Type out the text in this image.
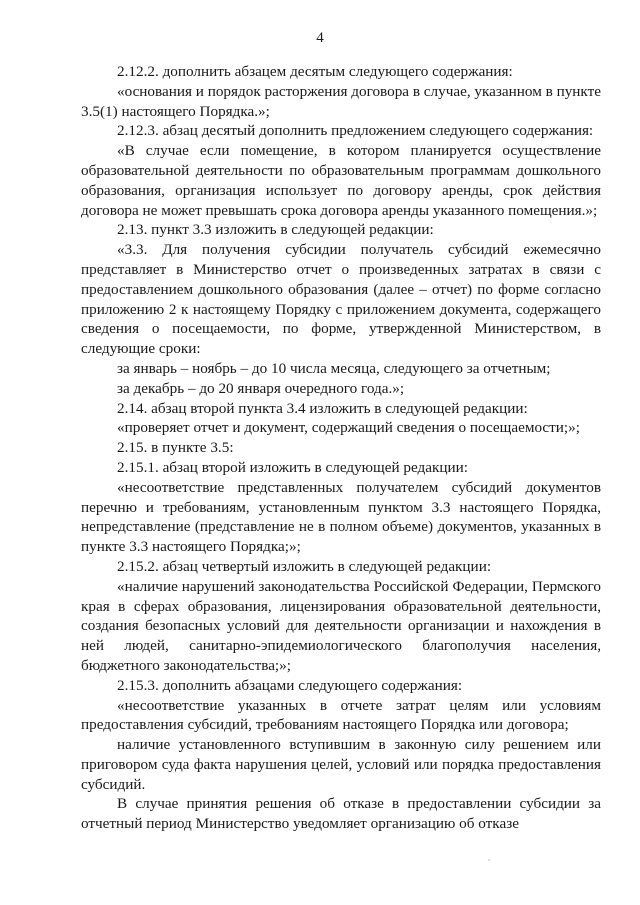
4

2.12.2. дополнить абзацем десятым следующего содержания:

«основания и порядок расторжения договора в случае, указанном в пункте 3.5(1) настоящего Порядка.»;

2.12.3. абзац десятый дополнить предложением следующего содержания:

«В случае если помещение, в котором планируется осуществление образовательной деятельности по образовательным программам дошкольного образования, организация использует по договору аренды, срок действия договора не может превышать срока договора аренды указанного помещения.»;

2.13. пункт 3.3 изложить в следующей редакции:

«3.3. Для получения субсидии получатель субсидий ежемесячно представляет в Министерство отчет о произведенных затратах в связи с предоставлением дошкольного образования (далее – отчет) по форме согласно приложению 2 к настоящему Порядку с приложением документа, содержащего сведения о посещаемости, по форме, утвержденной Министерством, в следующие сроки:

за январь – ноябрь – до 10 числа месяца, следующего за отчетным;

за декабрь – до 20 января очередного года.»;

2.14. абзац второй пункта 3.4 изложить в следующей редакции:

«проверяет отчет и документ, содержащий сведения о посещаемости;»;

2.15. в пункте 3.5:

2.15.1. абзац второй изложить в следующей редакции:

«несоответствие представленных получателем субсидий документов перечню и требованиям, установленным пунктом 3.3 настоящего Порядка, непредставление (представление не в полном объеме) документов, указанных в пункте 3.3 настоящего Порядка;»;

2.15.2. абзац четвертый изложить в следующей редакции:

«наличие нарушений законодательства Российской Федерации, Пермского края в сферах образования, лицензирования образовательной деятельности, создания безопасных условий для деятельности организации и нахождения в ней людей, санитарно-эпидемиологического благополучия населения, бюджетного законодательства;»;

2.15.3. дополнить абзацами следующего содержания:

«несоответствие указанных в отчете затрат целям или условиям предоставления субсидий, требованиям настоящего Порядка или договора;

наличие установленного вступившим в законную силу решением или приговором суда факта нарушения целей, условий или порядка предоставления субсидий.

В случае принятия решения об отказе в предоставлении субсидии за отчетный период Министерство уведомляет организацию об отказе
